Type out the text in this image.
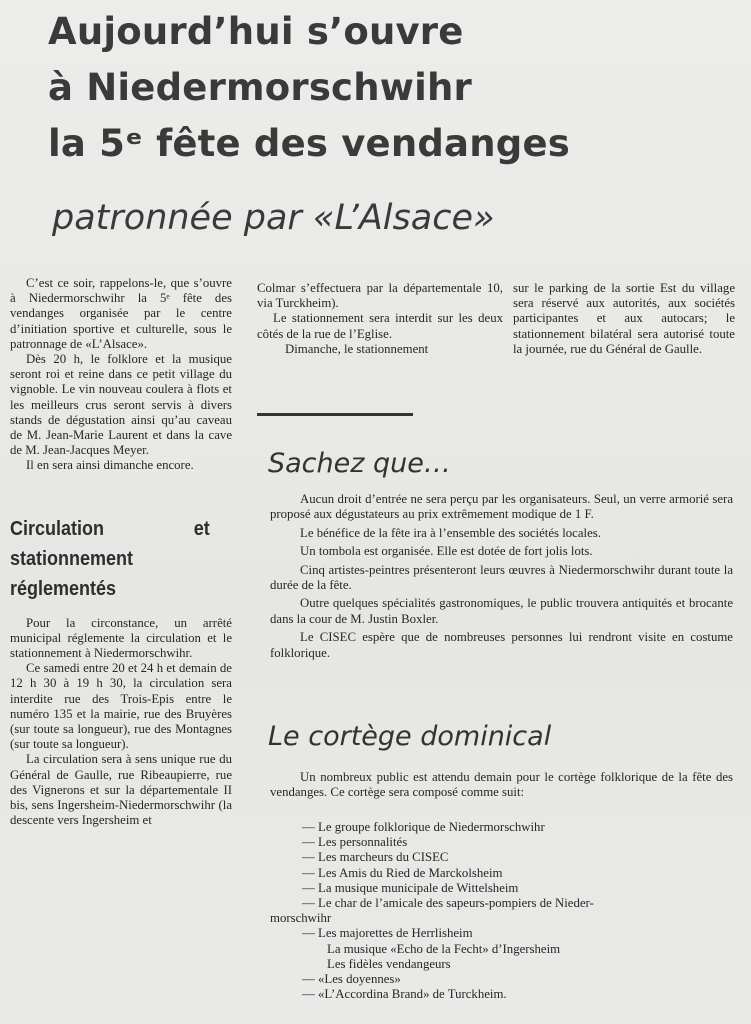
Aujourd’hui s’ouvre
à Niedermorschwihr
la 5ᵉ fête des vendanges
patronnée par «L’Alsace»

C’est ce soir, rappelons-le, que s’ouvre à Niedermorschwihr la 5ᵉ fête des vendanges organisée par le centre d’initiation sportive et culturelle, sous le patronnage de «L’Alsace».

Dès 20 h, le folklore et la musique seront roi et reine dans ce petit village du vignoble. Le vin nouveau coulera à flots et les meilleurs crus seront servis à divers stands de dégustation ainsi qu’au caveau de M. Jean-Marie Laurent et dans la cave de M. Jean-Jacques Meyer.

Il en sera ainsi dimanche encore.

Circulation et stationnement réglementés

Pour la circonstance, un arrêté municipal réglemente la circulation et le stationnement à Niedermorschwihr.

Ce samedi entre 20 et 24 h et demain de 12 h 30 à 19 h 30, la circulation sera interdite rue des Trois-Epis entre le numéro 135 et la mairie, rue des Bruyères (sur toute sa longueur), rue des Montagnes (sur toute sa longueur).

La circulation sera à sens unique rue du Général de Gaulle, rue Ribeaupierre, rue des Vignerons et sur la départementale II bis, sens Ingersheim-Niedermorschwihr (la descente vers Ingersheim et

Colmar s’effectuera par la départementale 10, via Turckheim).

Le stationnement sera interdit sur les deux côtés de la rue de l’Eglise.

Dimanche, le stationnement

sur le parking de la sortie Est du village sera réservé aux autorités, aux sociétés participantes et aux autocars; le stationnement bilatéral sera autorisé toute la journée, rue du Général de Gaulle.

Sachez que…

Aucun droit d’entrée ne sera perçu par les organisateurs. Seul, un verre armorié sera proposé aux dégustateurs au prix extrêmement modique de 1 F.

Le bénéfice de la fête ira à l’ensemble des sociétés locales.

Un tombola est organisée. Elle est dotée de fort jolis lots.

Cinq artistes-peintres présenteront leurs œuvres à Niedermorschwihr durant toute la durée de la fête.

Outre quelques spécialités gastronomiques, le public trouvera antiquités et brocante dans la cour de M. Justin Boxler.

Le CISEC espère que de nombreuses personnes lui rendront visite en costume folklorique.

Le cortège dominical

Un nombreux public est attendu demain pour le cortège folklorique de la fête des vendanges. Ce cortège sera composé comme suit:

— Le groupe folklorique de Niedermorschwihr
— Les personnalités
— Les marcheurs du CISEC
— Les Amis du Ried de Marckolsheim
— La musique municipale de Wittelsheim
— Le char de l’amicale des sapeurs-pompiers de Nieder-
morschwihr
— Les majorettes de Herrlisheim
La musique «Echo de la Fecht» d’Ingersheim
Les fidèles vendangeurs
— «Les doyennes»
— «L’Accordina Brand» de Turckheim.
